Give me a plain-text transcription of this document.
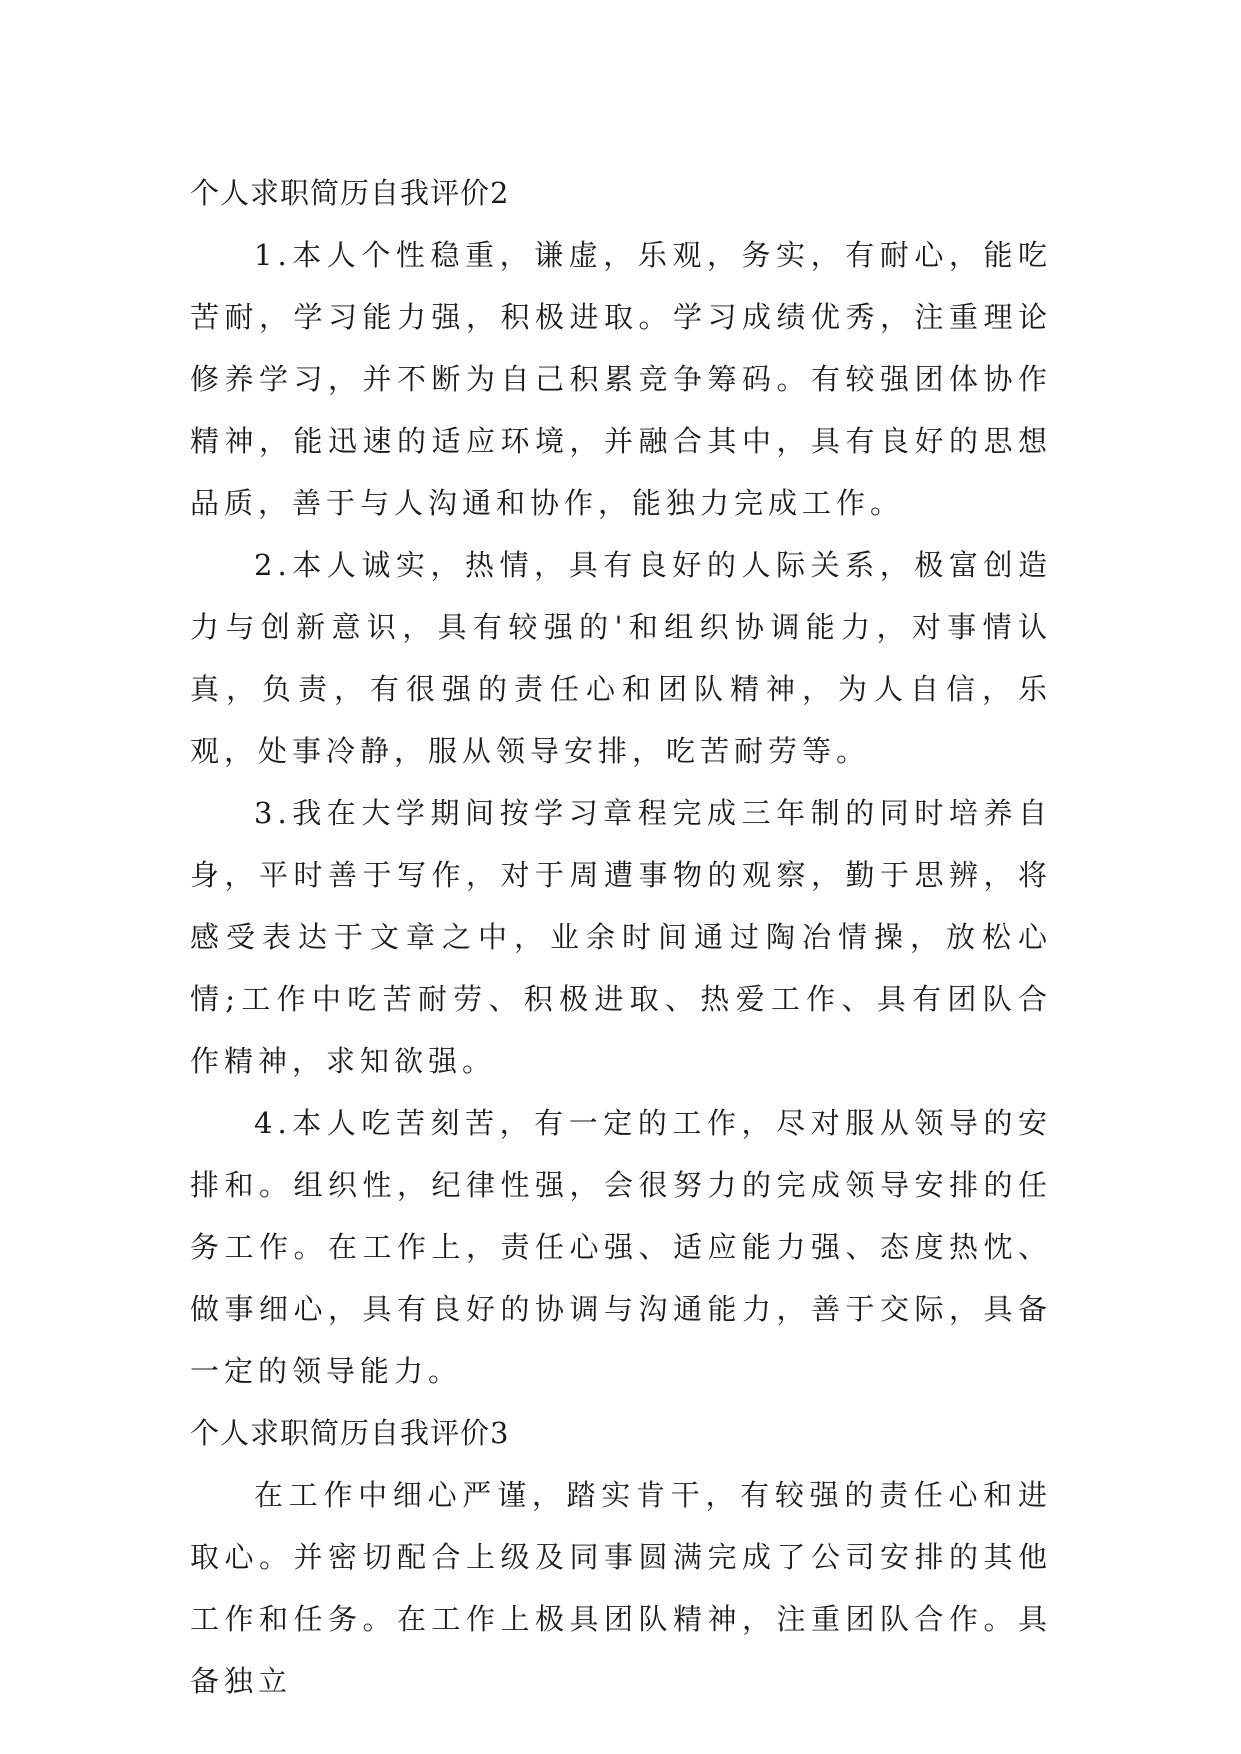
个人求职简历自我评价2

1.本人个性稳重，谦虚，乐观，务实，有耐心，能吃苦耐，学习能力强，积极进取。学习成绩优秀，注重理论修养学习，并不断为自己积累竞争筹码。有较强团体协作精神，能迅速的适应环境，并融合其中，具有良好的思想品质，善于与人沟通和协作，能独力完成工作。

2.本人诚实，热情，具有良好的人际关系，极富创造力与创新意识，具有较强的'和组织协调能力，对事情认真，负责，有很强的责任心和团队精神，为人自信，乐观，处事冷静，服从领导安排，吃苦耐劳等。

3.我在大学期间按学习章程完成三年制的同时培养自身，平时善于写作，对于周遭事物的观察，勤于思辨，将感受表达于文章之中，业余时间通过陶冶情操，放松心情;工作中吃苦耐劳、积极进取、热爱工作、具有团队合作精神，求知欲强。

4.本人吃苦刻苦，有一定的工作，尽对服从领导的安排和。组织性，纪律性强，会很努力的完成领导安排的任务工作。在工作上，责任心强、适应能力强、态度热忱、做事细心，具有良好的协调与沟通能力，善于交际，具备一定的领导能力。

个人求职简历自我评价3

在工作中细心严谨，踏实肯干，有较强的责任心和进取心。并密切配合上级及同事圆满完成了公司安排的其他工作和任务。在工作上极具团队精神，注重团队合作。具备独立
